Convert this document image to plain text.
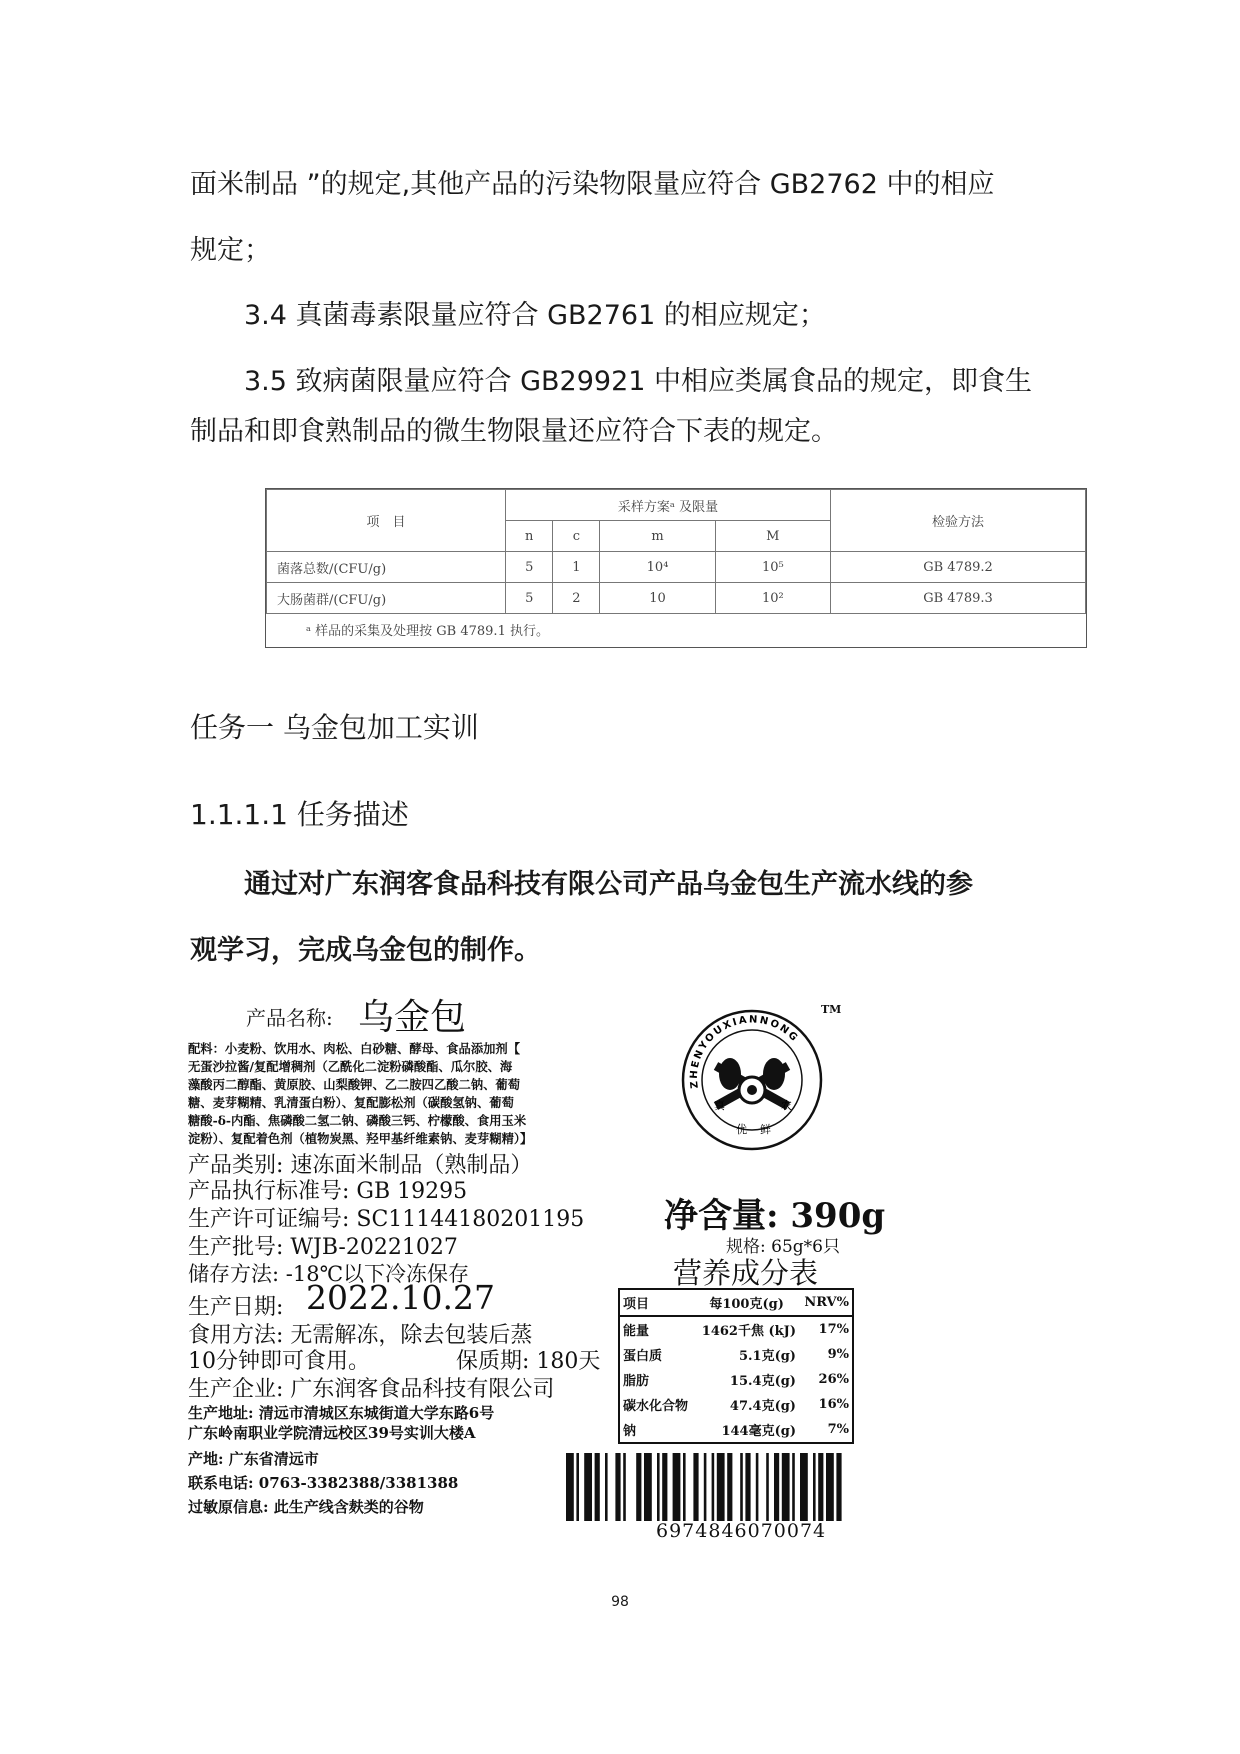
面米制品 ”的规定,其他产品的污染物限量应符合 GB2762 中的相应
规定；
3.4 真菌毒素限量应符合 GB2761 的相应规定；
3.5 致病菌限量应符合 GB29921 中相应类属食品的规定，即食生
制品和即食熟制品的微生物限量还应符合下表的规定。
项　目	采样方案ᵃ 及限量				检验方法
	n	c	m	M	
菌落总数/(CFU/g)	5	1	10⁴	10⁵	GB 4789.2
大肠菌群/(CFU/g)	5	2	10	10²	GB 4789.3
ᵃ 样品的采集及处理按 GB 4789.1 执行。
任务一 乌金包加工实训
1.1.1.1 任务描述
通过对广东润客食品科技有限公司产品乌金包生产流水线的参
观学习，完成乌金包的制作。
产品名称: 乌金包
配料：小麦粉、饮用水、肉松、白砂糖、酵母、食品添加剂【
无蛋沙拉酱/复配增稠剂（乙酰化二淀粉磷酸酯、瓜尔胶、海
藻酸丙二醇酯、黄原胶、山梨酸钾、乙二胺四乙酸二钠、葡萄
糖、麦芽糊精、乳清蛋白粉）、复配膨松剂（碳酸氢钠、葡萄
糖酸-δ-内酯、焦磷酸二氢二钠、磷酸三钙、柠檬酸、食用玉米
淀粉）、复配着色剂（植物炭黑、羟甲基纤维素钠、麦芽糊精）】
产品类别: 速冻面米制品（熟制品）
产品执行标准号: GB 19295
生产许可证编号: SC11144180201195
生产批号: WJB-20221027
储存方法: -18℃以下冷冻保存
生产日期: 2022.10.27
食用方法: 无需解冻，除去包装后蒸
10分钟即可食用。	保质期: 180天
生产企业: 广东润客食品科技有限公司
生产地址: 清远市清城区东城街道大学东路6号
广东岭南职业学院清远校区39号实训大楼A
产地: 广东省清远市
联系电话: 0763-3382388/3381388
过敏原信息: 此生产线含麸类的谷物
ZHENYOUXIANNONG
真	农
优 鲜
TM
净含量: 390g
规格: 65g*6只
营养成分表
项目	每100克(g)	NRV%
能量	1462千焦 (kJ)	17%
蛋白质	5.1克(g)	9%
脂肪	15.4克(g)	26%
碳水化合物	47.4克(g)	16%
钠	144毫克(g)	7%
6974846070074
98
